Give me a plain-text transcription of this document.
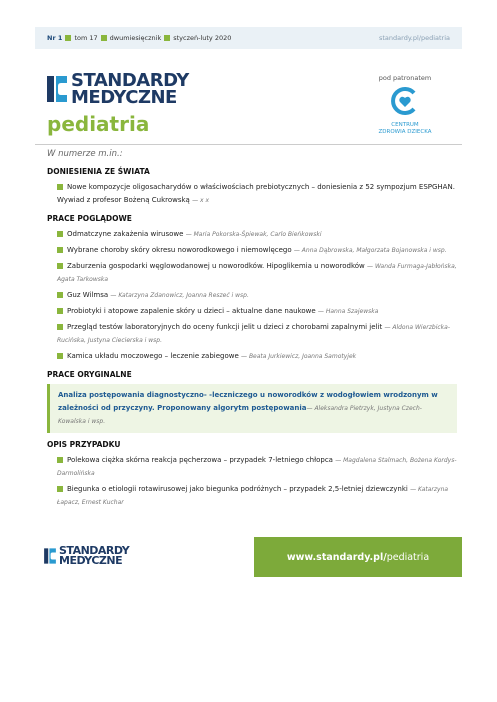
Nr 1 tom 17 dwumiesięcznik styczeń-luty 2020	standardy.pl/pediatria
STANDARDY
MEDYCZNE
pediatria
pod patronatem
CENTRUM
ZDROWIA DZIECKA
W numerze m.in.:
DONIESIENIA ZE ŚWIATA
Nowe kompozycje oligosacharydów o właściwościach prebiotycznych – doniesienia z 52 sympozjum ESPGHAN. Wywiad z profesor Bożeną Cukrowską — x x
PRACE POGLĄDOWE
Odmatczyne zakażenia wirusowe — Maria Pokorska-Śpiewak, Carlo Bieńkowski
Wybrane choroby skóry okresu noworodkowego i niemowlęcego — Anna Dąbrowska, Małgorzata Bojanowska i wsp.
Zaburzenia gospodarki węglowodanowej u noworodków. Hipoglikemia u noworodków — Wanda Furmaga-Jabłońska, Agata Tarkowska
Guz Wilmsa — Katarzyna Zdanowicz, Joanna Reszeć i wsp.
Probiotyki i atopowe zapalenie skóry u dzieci – aktualne dane naukowe — Hanna Szajewska
Przegląd testów laboratoryjnych do oceny funkcji jelit u dzieci z chorobami zapalnymi jelit — Aldona Wierzbicka-Rucińska, Justyna Ciecierska i wsp.
Kamica układu moczowego – leczenie zabiegowe — Beata Jurkiewicz, Joanna Samotyjek
PRACE ORYGINALNE
Analiza postępowania diagnostyczno- -leczniczego u noworodków z wodogłowiem wrodzonym w zależności od przyczyny. Proponowany algorytm postępowania— Aleksandra Pietrzyk, Justyna Czech-Kowalska i wsp.
OPIS PRZYPADKU
Polekowa ciężka skórna reakcja pęcherzowa – przypadek 7-letniego chłopca — Magdalena Stalmach, Bożena Kordys-Darmolińska
Biegunka o etiologii rotawirusowej jako biegunka podróżnych – przypadek 2,5-letniej dziewczynki — Katarzyna Łapacz, Ernest Kuchar
STANDARDY
MEDYCZNE	www.standardy.pl/ pediatria
